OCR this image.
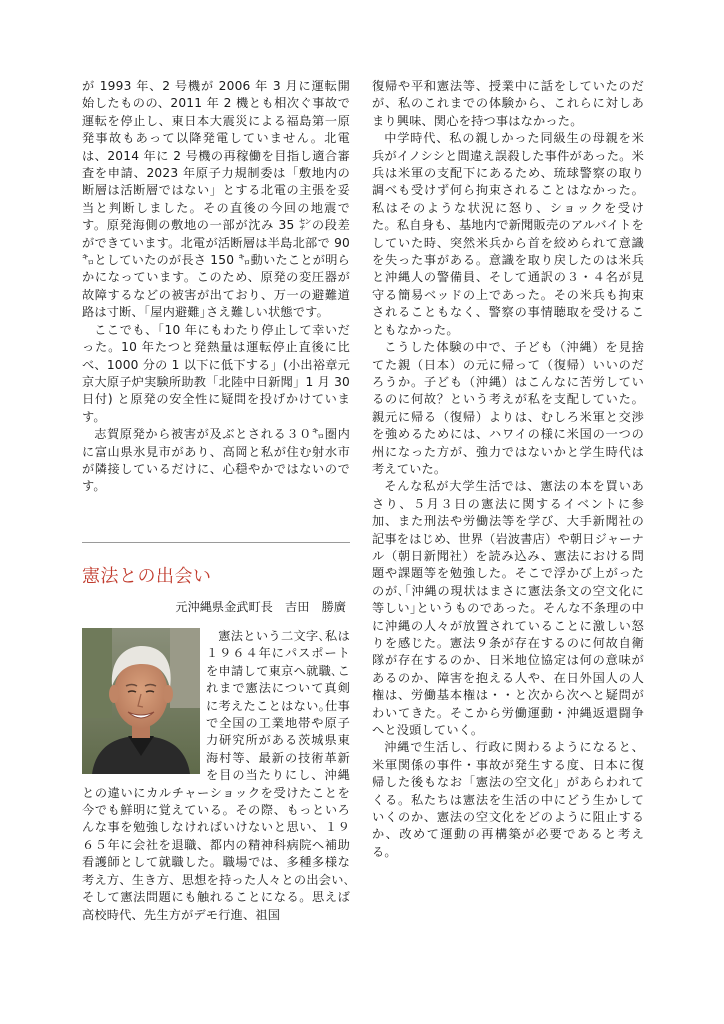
が 1993 年、2 号機が 2006 年 3 月に運転開始したものの、2011 年 2 機とも相次ぐ事故で運転を停止し、東日本大震災による福島第一原発事故もあって以降発電していません。北電は、2014 年に 2 号機の再稼働を目指し適合審査を申請、2023 年原子力規制委は「敷地内の断層は活断層ではない」とする北電の主張を妥当と判断しました。その直後の今回の地震です。原発海側の敷地の一部が沈み 35 ㌢の段差ができています。北電が活断層は半島北部で 90 ㌔としていたのが長さ 150 ㌔動いたことが明らかになっています。このため、原発の変圧器が故障するなどの被害が出ており、万一の避難道路は寸断、｢屋内避難｣さえ難しい状態です。

ここでも、「10 年にもわたり停止して幸いだった。10 年たつと発熱量は運転停止直後に比べ、1000 分の 1 以下に低下する」(小出裕章元京大原子炉実験所助教「北陸中日新聞」1 月 30 日付) と原発の安全性に疑問を投げかけています。

志賀原発から被害が及ぶとされる３０㌔圏内に富山県氷見市があり、高岡と私が住む射水市が隣接しているだけに、心穏やかではないのです。

憲法との出会い
元沖縄県金武町長　吉田　勝廣

憲法という二文字､私は１９６４年にパスポートを申請して東京へ就職､これまで憲法について真剣に考えたことはない｡仕事で全国の工業地帯や原子力研究所がある茨城県東海村等、最新の技術革新を目の当たりにし、沖縄との違いにカルチャーショックを受けたことを今でも鮮明に覚えている。その際、もっといろんな事を勉強しなければいけないと思い、１９６５年に会社を退職、都内の精神科病院へ補助看護師として就職した。職場では、多種多様な考え方、生き方、思想を持った人々との出会い､そして憲法問題にも触れることになる。思えば高校時代、先生方がデモ行進、祖国

復帰や平和憲法等、授業中に話をしていたのだが、私のこれまでの体験から、これらに対しあまり興味、関心を持つ事はなかった。

中学時代、私の親しかった同級生の母親を米兵がイノシシと間違え誤殺した事件があった。米兵は米軍の支配下にあるため、琉球警察の取り調べも受けず何ら拘束されることはなかった。私はそのような状況に怒り、ショックを受けた。私自身も、基地内で新聞販売のアルバイトをしていた時、突然米兵から首を絞められて意識を失った事がある。意識を取り戻したのは米兵と沖縄人の警備員、そして通訳の３・４名が見守る簡易ベッドの上であった。その米兵も拘束されることもなく、警察の事情聴取を受けることもなかった。

こうした体験の中で、子ども（沖縄）を見捨てた親（日本）の元に帰って（復帰）いいのだろうか。子ども（沖縄）はこんなに苦労しているのに何故？という考えが私を支配していた。親元に帰る（復帰）よりは、むしろ米軍と交渉を強めるためには、ハワイの様に米国の一つの州になった方が、強力ではないかと学生時代は考えていた。

そんな私が大学生活では、憲法の本を買いあさり、５月３日の憲法に関するイベントに参加、また刑法や労働法等を学び、大手新聞社の記事をはじめ、世界（岩波書店）や朝日ジャーナル（朝日新聞社）を読み込み、憲法における問題や課題等を勉強した。そこで浮かび上がったのが､｢沖縄の現状はまさに憲法条文の空文化に等しい｣というものであった。そんな不条理の中に沖縄の人々が放置されていることに激しい怒りを感じた。憲法９条が存在するのに何故自衛隊が存在するのか、日米地位協定は何の意味があるのか、障害を抱える人や、在日外国人の人権は、労働基本権は・・と次から次へと疑問がわいてきた。そこから労働運動・沖縄返還闘争へと没頭していく。

沖縄で生活し、行政に関わるようになると、米軍関係の事件・事故が発生する度、日本に復帰した後もなお「憲法の空文化」があらわれてくる。私たちは憲法を生活の中にどう生かしていくのか、憲法の空文化をどのように阻止するか、改めて運動の再構築が必要であると考える。
